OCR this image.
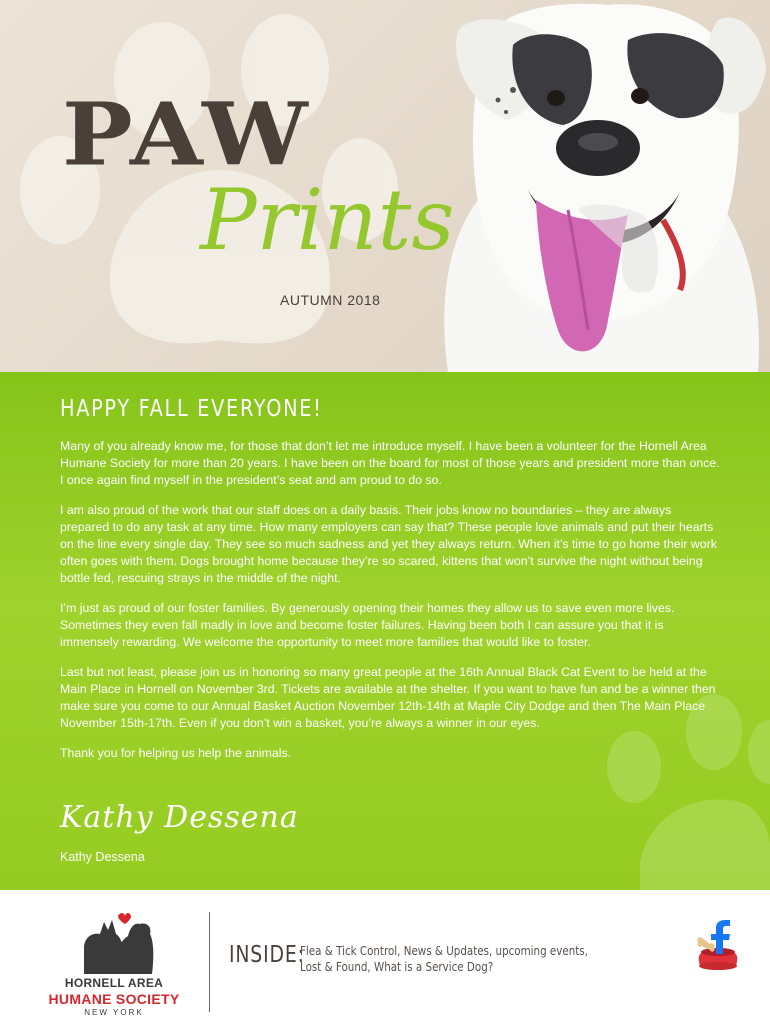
PAW
Prints
AUTUMN 2018
HAPPY FALL EVERYONE!

Many of you already know me, for those that don’t let me introduce myself. I have been a volunteer for the Hornell Area Humane Society for more than 20 years. I have been on the board for most of those years and president more than once. I once again find myself in the president’s seat and am proud to do so.

I am also proud of the work that our staff does on a daily basis. Their jobs know no boundaries – they are always prepared to do any task at any time. How many employers can say that? These people love animals and put their hearts on the line every single day. They see so much sadness and yet they always return. When it’s time to go home their work often goes with them. Dogs brought home because they’re so scared, kittens that won’t survive the night without being bottle fed, rescuing strays in the middle of the night.

I’m just as proud of our foster families. By generously opening their homes they allow us to save even more lives. Sometimes they even fall madly in love and become foster failures. Having been both I can assure you that it is immensely rewarding. We welcome the opportunity to meet more families that would like to foster.

Last but not least, please join us in honoring so many great people at the 16th Annual Black Cat Event to be held at the Main Place in Hornell on November 3rd. Tickets are available at the shelter. If you want to have fun and be a winner then make sure you come to our Annual Basket Auction November 12th-14th at Maple City Dodge and then The Main Place November 15th-17th. Even if you don’t win a basket, you’re always a winner in our eyes.

Thank you for helping us help the animals.

Kathy Dessena
Kathy Dessena
HORNELL AREA
HUMANE SOCIETY
NEW YORK
INSIDE:
Flea & Tick Control, News & Updates, upcoming events, Lost & Found, What is a Service Dog?
